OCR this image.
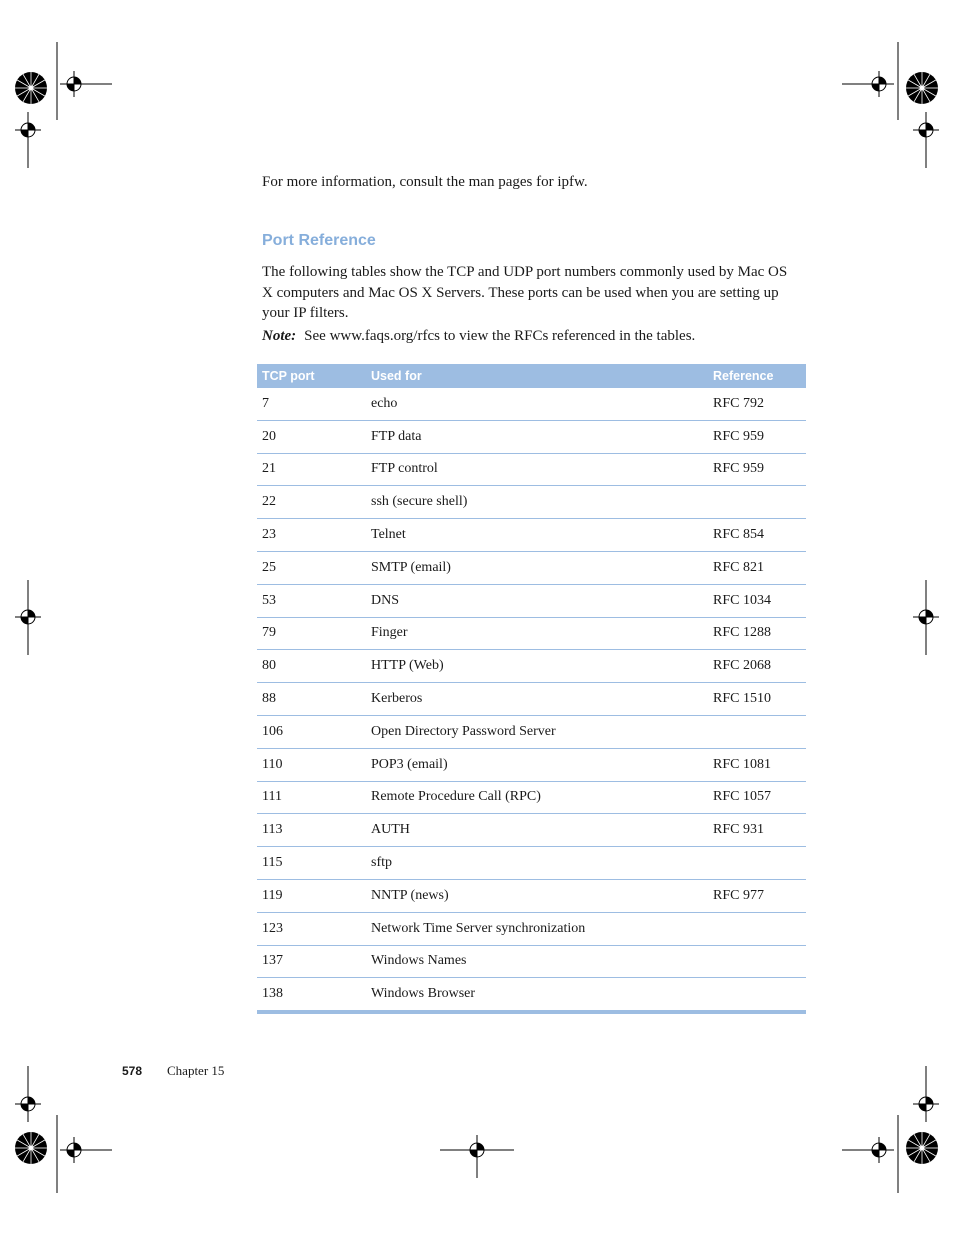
For more information, consult the man pages for ipfw.

Port Reference

The following tables show the TCP and UDP port numbers commonly used by Mac OS X computers and Mac OS X Servers. These ports can be used when you are setting up your IP filters.

Note: See www.faqs.org/rfcs to view the RFCs referenced in the tables.

TCP port	Used for	Reference
7	echo	RFC 792
20	FTP data	RFC 959
21	FTP control	RFC 959
22	ssh (secure shell)	
23	Telnet	RFC 854
25	SMTP (email)	RFC 821
53	DNS	RFC 1034
79	Finger	RFC 1288
80	HTTP (Web)	RFC 2068
88	Kerberos	RFC 1510
106	Open Directory Password Server	
110	POP3 (email)	RFC 1081
111	Remote Procedure Call (RPC)	RFC 1057
113	AUTH	RFC 931
115	sftp	
119	NNTP (news)	RFC 977
123	Network Time Server synchronization	
137	Windows Names	
138	Windows Browser	
578 Chapter 15
